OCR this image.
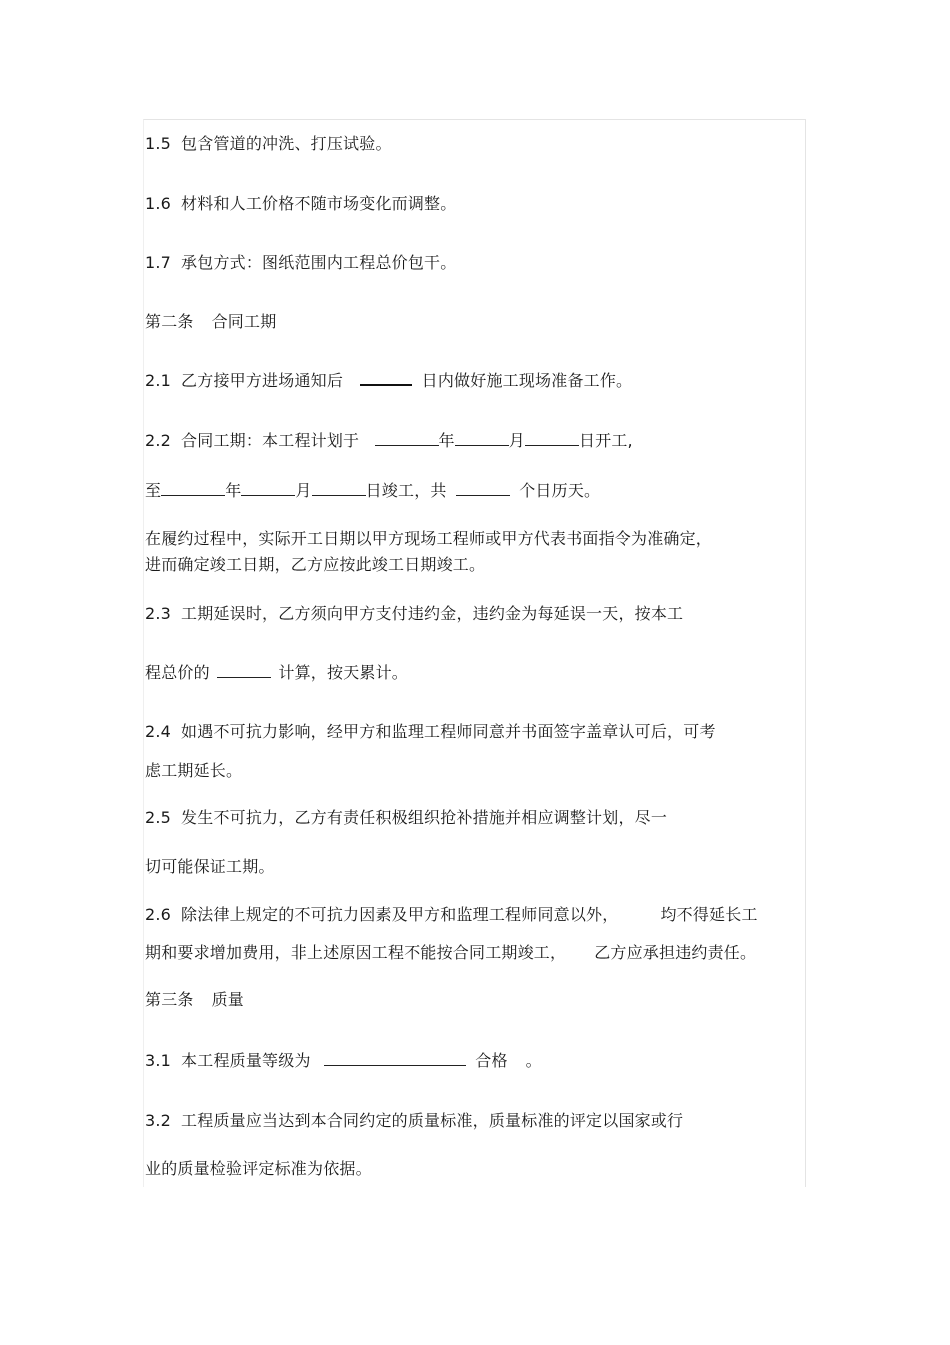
1.5 包含管道的冲洗、打压试验。
1.6 材料和人工价格不随市场变化而调整。
1.7 承包方式：图纸范围内工程总价包干。
第二条 合同工期
2.1 乙方接甲方进场通知后	日内做好施工现场准备工作。
2.2 合同工期：本工程计划于	年	月	日开工,
至	年	月	日竣工，共	个日历天。
在履约过程中，实际开工日期以甲方现场工程师或甲方代表书面指令为准确定，
进而确定竣工日期，乙方应按此竣工日期竣工。
2.3 工期延误时，乙方须向甲方支付违约金，违约金为每延误一天，按本工
程总价的	计算，按天累计。
2.4 如遇不可抗力影响，经甲方和监理工程师同意并书面签字盖章认可后，可考
虑工期延长。
2.5 发生不可抗力，乙方有责任积极组织抢补措施并相应调整计划，尽一
切可能保证工期。
2.6 除法律上规定的不可抗力因素及甲方和监理工程师同意以外，	均不得延长工
期和要求增加费用，非上述原因工程不能按合同工期竣工， 乙方应承担违约责任。
第三条 质量
3.1 本工程质量等级为	合格 。
3.2 工程质量应当达到本合同约定的质量标准，质量标准的评定以国家或行
业的质量检验评定标准为依据。
